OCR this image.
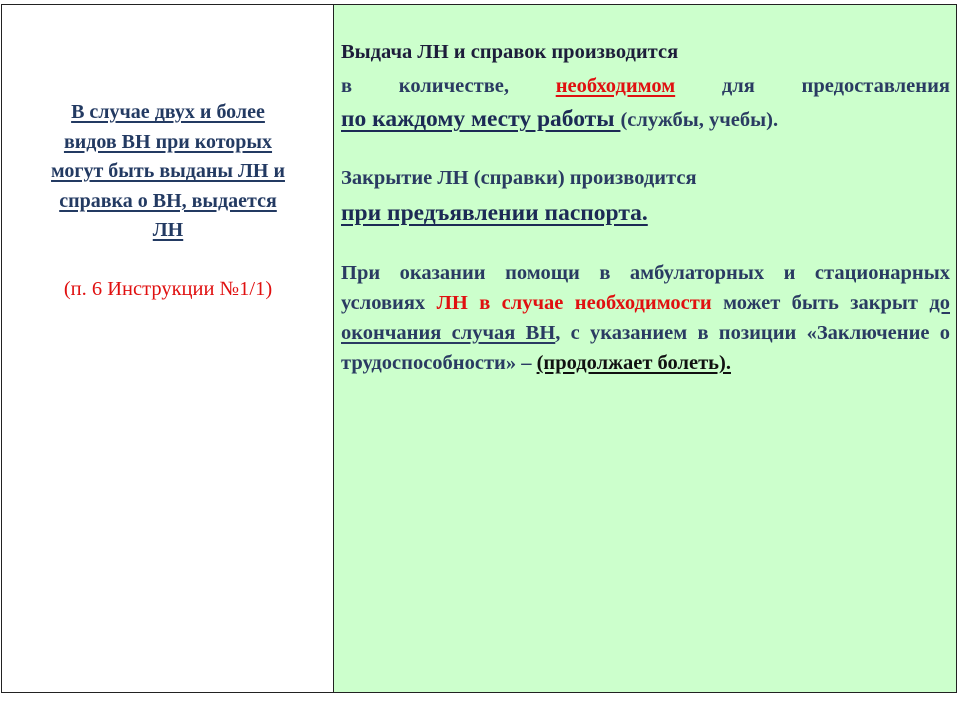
В случае двух и более
видов ВН при которых
могут быть выданы ЛН и
справка о ВН, выдается
ЛН
(п. 6 Инструкции №1/1)
Выдача ЛН и справок производится
в количестве, необходимом для предоставления
по каждому месту работы (службы, учебы).
Закрытие ЛН (справки) производится
при предъявлении паспорта.
При оказании помощи в амбулаторных и стационарных условиях ЛН в случае необходимости может быть закрыт до окончания случая ВН, с указанием в позиции «Заключение о трудоспособности» – (продолжает болеть).
